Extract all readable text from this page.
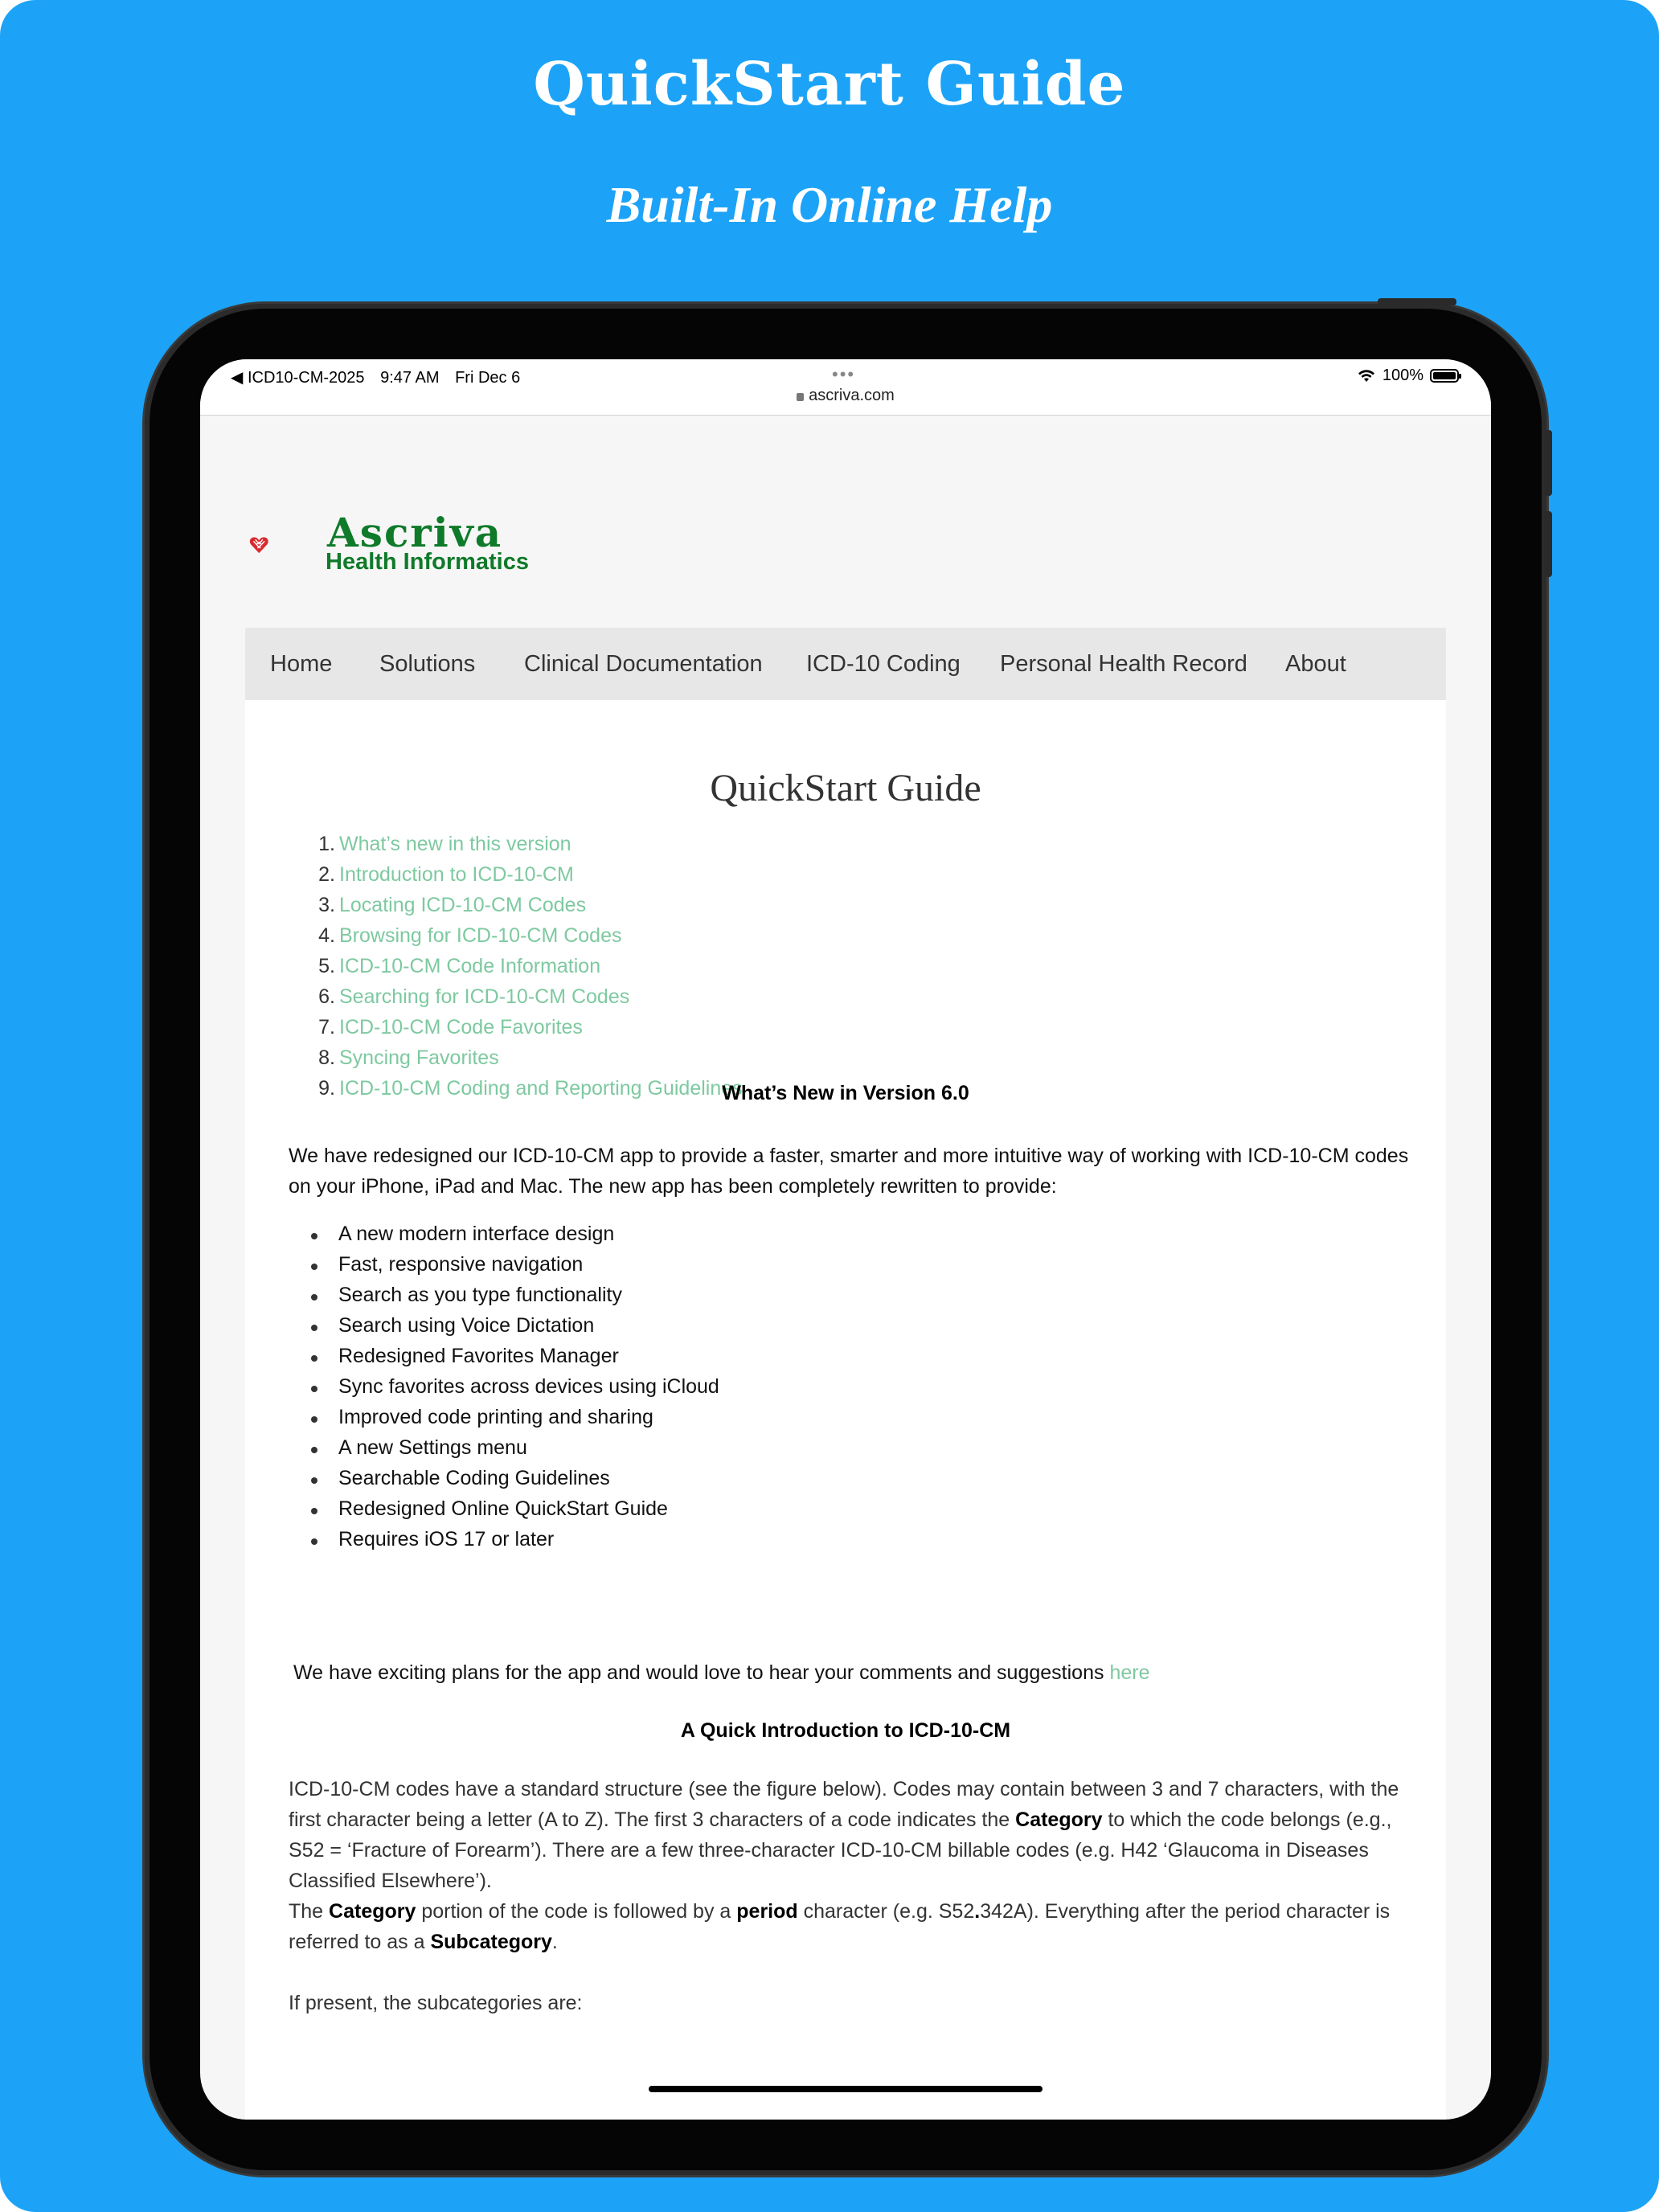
QuickStart Guide
Built-In Online Help
◀ ICD10-CM-2025 9:47 AM Fri Dec 6	•••	100%
ascriva.com
Ascriva
Health Informatics
Home Solutions Clinical Documentation ICD-10 Coding Personal Health Record About
QuickStart Guide
1. What’s new in this version
2. Introduction to ICD-10-CM
3. Locating ICD-10-CM Codes
4. Browsing for ICD-10-CM Codes
5. ICD-10-CM Code Information
6. Searching for ICD-10-CM Codes
7. ICD-10-CM Code Favorites
8. Syncing Favorites
9. ICD-10-CM Coding and Reporting Guidelines
What’s New in Version 6.0
We have redesigned our ICD-10-CM app to provide a faster, smarter and more intuitive way of working with ICD-10-CM codes on your iPhone, iPad and Mac. The new app has been completely rewritten to provide:
A new modern interface design
Fast, responsive navigation
Search as you type functionality
Search using Voice Dictation
Redesigned Favorites Manager
Sync favorites across devices using iCloud
Improved code printing and sharing
A new Settings menu
Searchable Coding Guidelines
Redesigned Online QuickStart Guide
Requires iOS 17 or later
We have exciting plans for the app and would love to hear your comments and suggestions here
A Quick Introduction to ICD-10-CM
ICD-10-CM codes have a standard structure (see the figure below). Codes may contain between 3 and 7 characters, with the first character being a letter (A to Z). The first 3 characters of a code indicates the Category to which the code belongs (e.g., S52 = ‘Fracture of Forearm’). There are a few three-character ICD-10-CM billable codes (e.g. H42 ‘Glaucoma in Diseases Classified Elsewhere’).
The Category portion of the code is followed by a period character (e.g. S52.342A). Everything after the period character is referred to as a Subcategory.
If present, the subcategories are:
